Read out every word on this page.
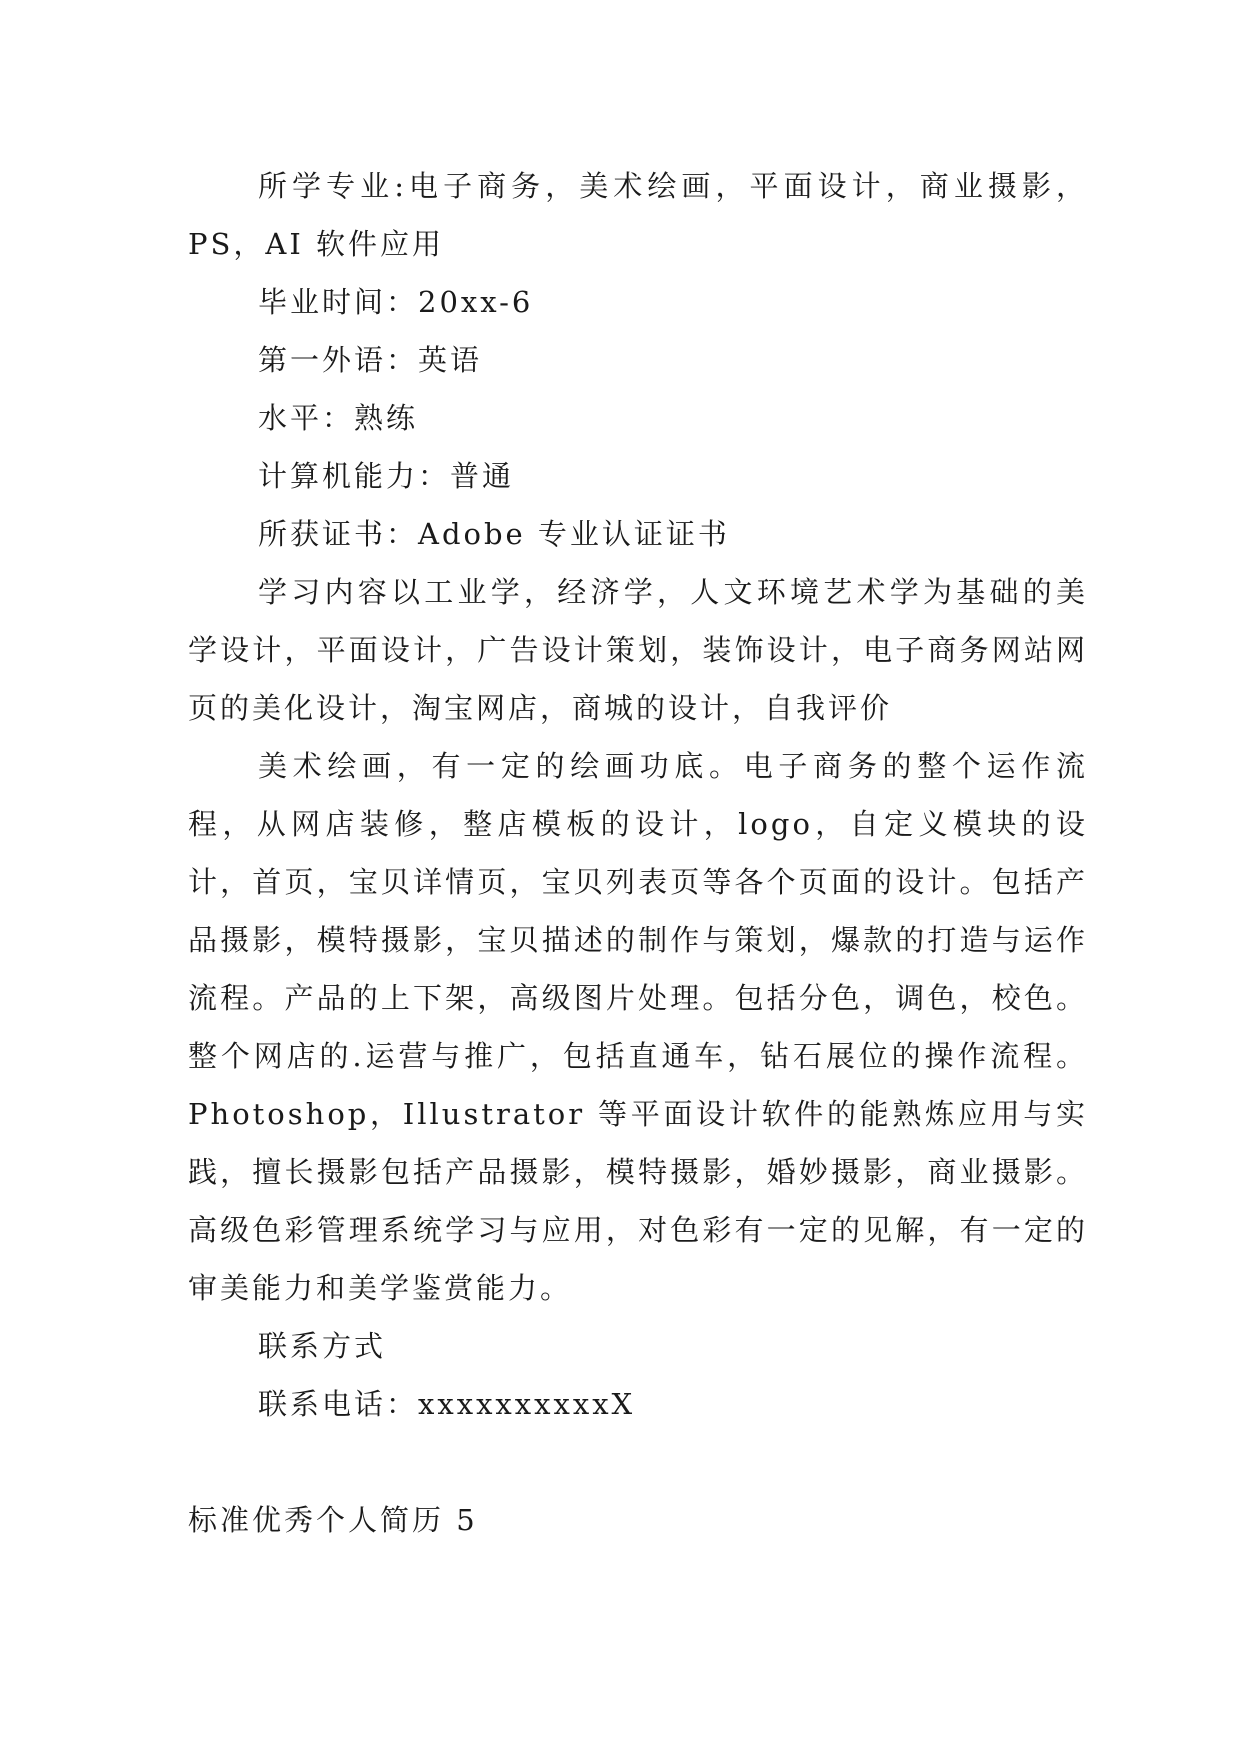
所学专业:电子商务，美术绘画，平面设计，商业摄影，PS，AI 软件应用

毕业时间：20xx-6

第一外语：英语

水平：熟练

计算机能力：普通

所获证书：Adobe 专业认证证书

学习内容以工业学，经济学，人文环境艺术学为基础的美学设计，平面设计，广告设计策划，装饰设计，电子商务网站网页的美化设计，淘宝网店，商城的设计，自我评价

美术绘画，有一定的绘画功底。电子商务的整个运作流程，从网店装修，整店模板的设计，logo，自定义模块的设计，首页，宝贝详情页，宝贝列表页等各个页面的设计。包括产品摄影，模特摄影，宝贝描述的制作与策划，爆款的打造与运作流程。产品的上下架，高级图片处理。包括分色，调色，校色。整个网店的.运营与推广，包括直通车，钻石展位的操作流程。Photoshop，Illustrator 等平面设计软件的能熟炼应用与实践，擅长摄影包括产品摄影，模特摄影，婚妙摄影，商业摄影。高级色彩管理系统学习与应用，对色彩有一定的见解，有一定的审美能力和美学鉴赏能力。

联系方式

联系电话：xxxxxxxxxxX

标准优秀个人简历 5
